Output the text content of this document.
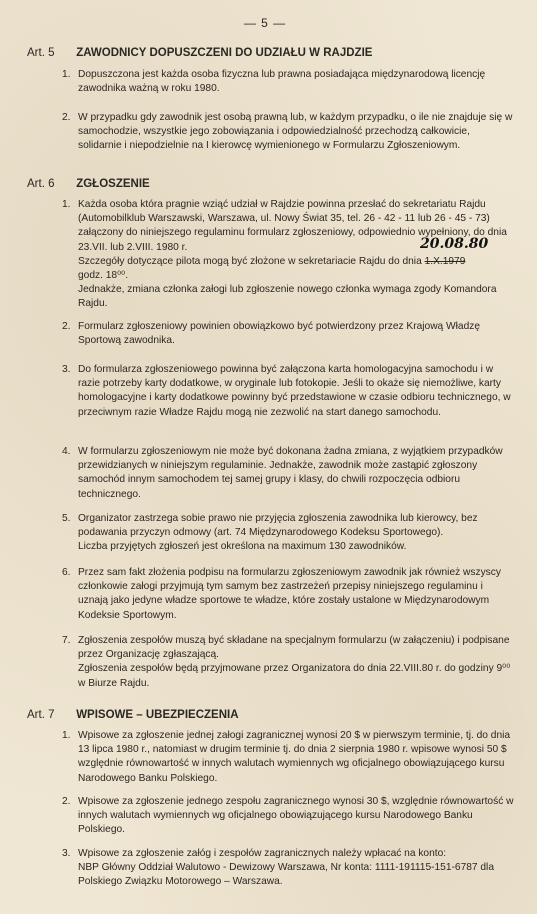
— 5 —
Art. 5 ZAWODNICY DOPUSZCZENI DO UDZIAŁU W RAJDZIE
1. Dopuszczona jest każda osoba fizyczna lub prawna posiadająca międzynarodową licencję zawodnika ważną w roku 1980.

2. W przypadku gdy zawodnik jest osobą prawną lub, w każdym przypadku, o ile nie znajduje się w samochodzie, wszystkie jego zobowiązania i odpowiedzialność przechodzą całkowicie, solidarnie i niepodzielnie na I kierowcę wymienionego w Formularzu Zgłoszeniowym.

Art. 6 ZGŁOSZENIE
1. Każda osoba która pragnie wziąć udział w Rajdzie powinna przesłać do sekretariatu Rajdu (Automobilklub Warszawski, Warszawa, ul. Nowy Świat 35, tel. 26 - 42 - 11 lub 26 - 45 - 73) załączony do niniejszego regulaminu formularz zgłoszeniowy, odpowiednio wypełniony, do dnia 23.VII. lub 2.VIII. 1980 r.

Szczegóły dotyczące pilota mogą być złożone w sekretariacie Rajdu do dnia 1.X.1979

godz. 18⁰⁰.

Jednakże, zmiana członka załogi lub zgłoszenie nowego członka wymaga zgody Komandora Rajdu.

20.08.80
2. Formularz zgłoszeniowy powinien obowiązkowo być potwierdzony przez Krajową Władzę Sportową zawodnika.

3. Do formularza zgłoszeniowego powinna być załączona karta homologacyjna samochodu i w razie potrzeby karty dodatkowe, w oryginale lub fotokopie. Jeśli to okaże się niemożliwe, karty homologacyjne i karty dodatkowe powinny być przedstawione w czasie odbioru technicznego, w przeciwnym razie Władze Rajdu mogą nie zezwolić na start danego samochodu.

4. W formularzu zgłoszeniowym nie może być dokonana żadna zmiana, z wyjątkiem przypadków przewidzianych w niniejszym regulaminie. Jednakże, zawodnik może zastąpić zgłoszony samochód innym samochodem tej samej grupy i klasy, do chwili rozpoczęcia odbioru technicznego.

5. Organizator zastrzega sobie prawo nie przyjęcia zgłoszenia zawodnika lub kierowcy, bez podawania przyczyn odmowy (art. 74 Międzynarodowego Kodeksu Sportowego).

Liczba przyjętych zgłoszeń jest określona na maximum 130 zawodników.

6. Przez sam fakt złożenia podpisu na formularzu zgłoszeniowym zawodnik jak również wszyscy członkowie załogi przyjmują tym samym bez zastrzeżeń przepisy niniejszego regulaminu i uznają jako jedyne władze sportowe te władze, które zostały ustalone w Międzynarodowym Kodeksie Sportowym.

7. Zgłoszenia zespołów muszą być składane na specjalnym formularzu (w załączeniu) i podpisane przez Organizację zgłaszającą.

Zgłoszenia zespołów będą przyjmowane przez Organizatora do dnia 22.VIII.80 r. do godziny 9⁰⁰ w Biurze Rajdu.

Art. 7 WPISOWE – UBEZPIECZENIA
1. Wpisowe za zgłoszenie jednej załogi zagranicznej wynosi 20 $ w pierwszym terminie, tj. do dnia 13 lipca 1980 r., natomiast w drugim terminie tj. do dnia 2 sierpnia 1980 r. wpisowe wynosi 50 $ względnie równowartość w innych walutach wymiennych wg oficjalnego obowiązującego kursu Narodowego Banku Polskiego.

2. Wpisowe za zgłoszenie jednego zespołu zagranicznego wynosi 30 $, względnie równowartość w innych walutach wymiennych wg oficjalnego obowiązującego kursu Narodowego Banku Polskiego.

3. Wpisowe za zgłoszenie załóg i zespołów zagranicznych należy wpłacać na konto:

NBP Główny Oddział Walutowo - Dewizowy Warszawa, Nr konta: 1111-191115-151-6787 dla Polskiego Związku Motorowego – Warszawa.
